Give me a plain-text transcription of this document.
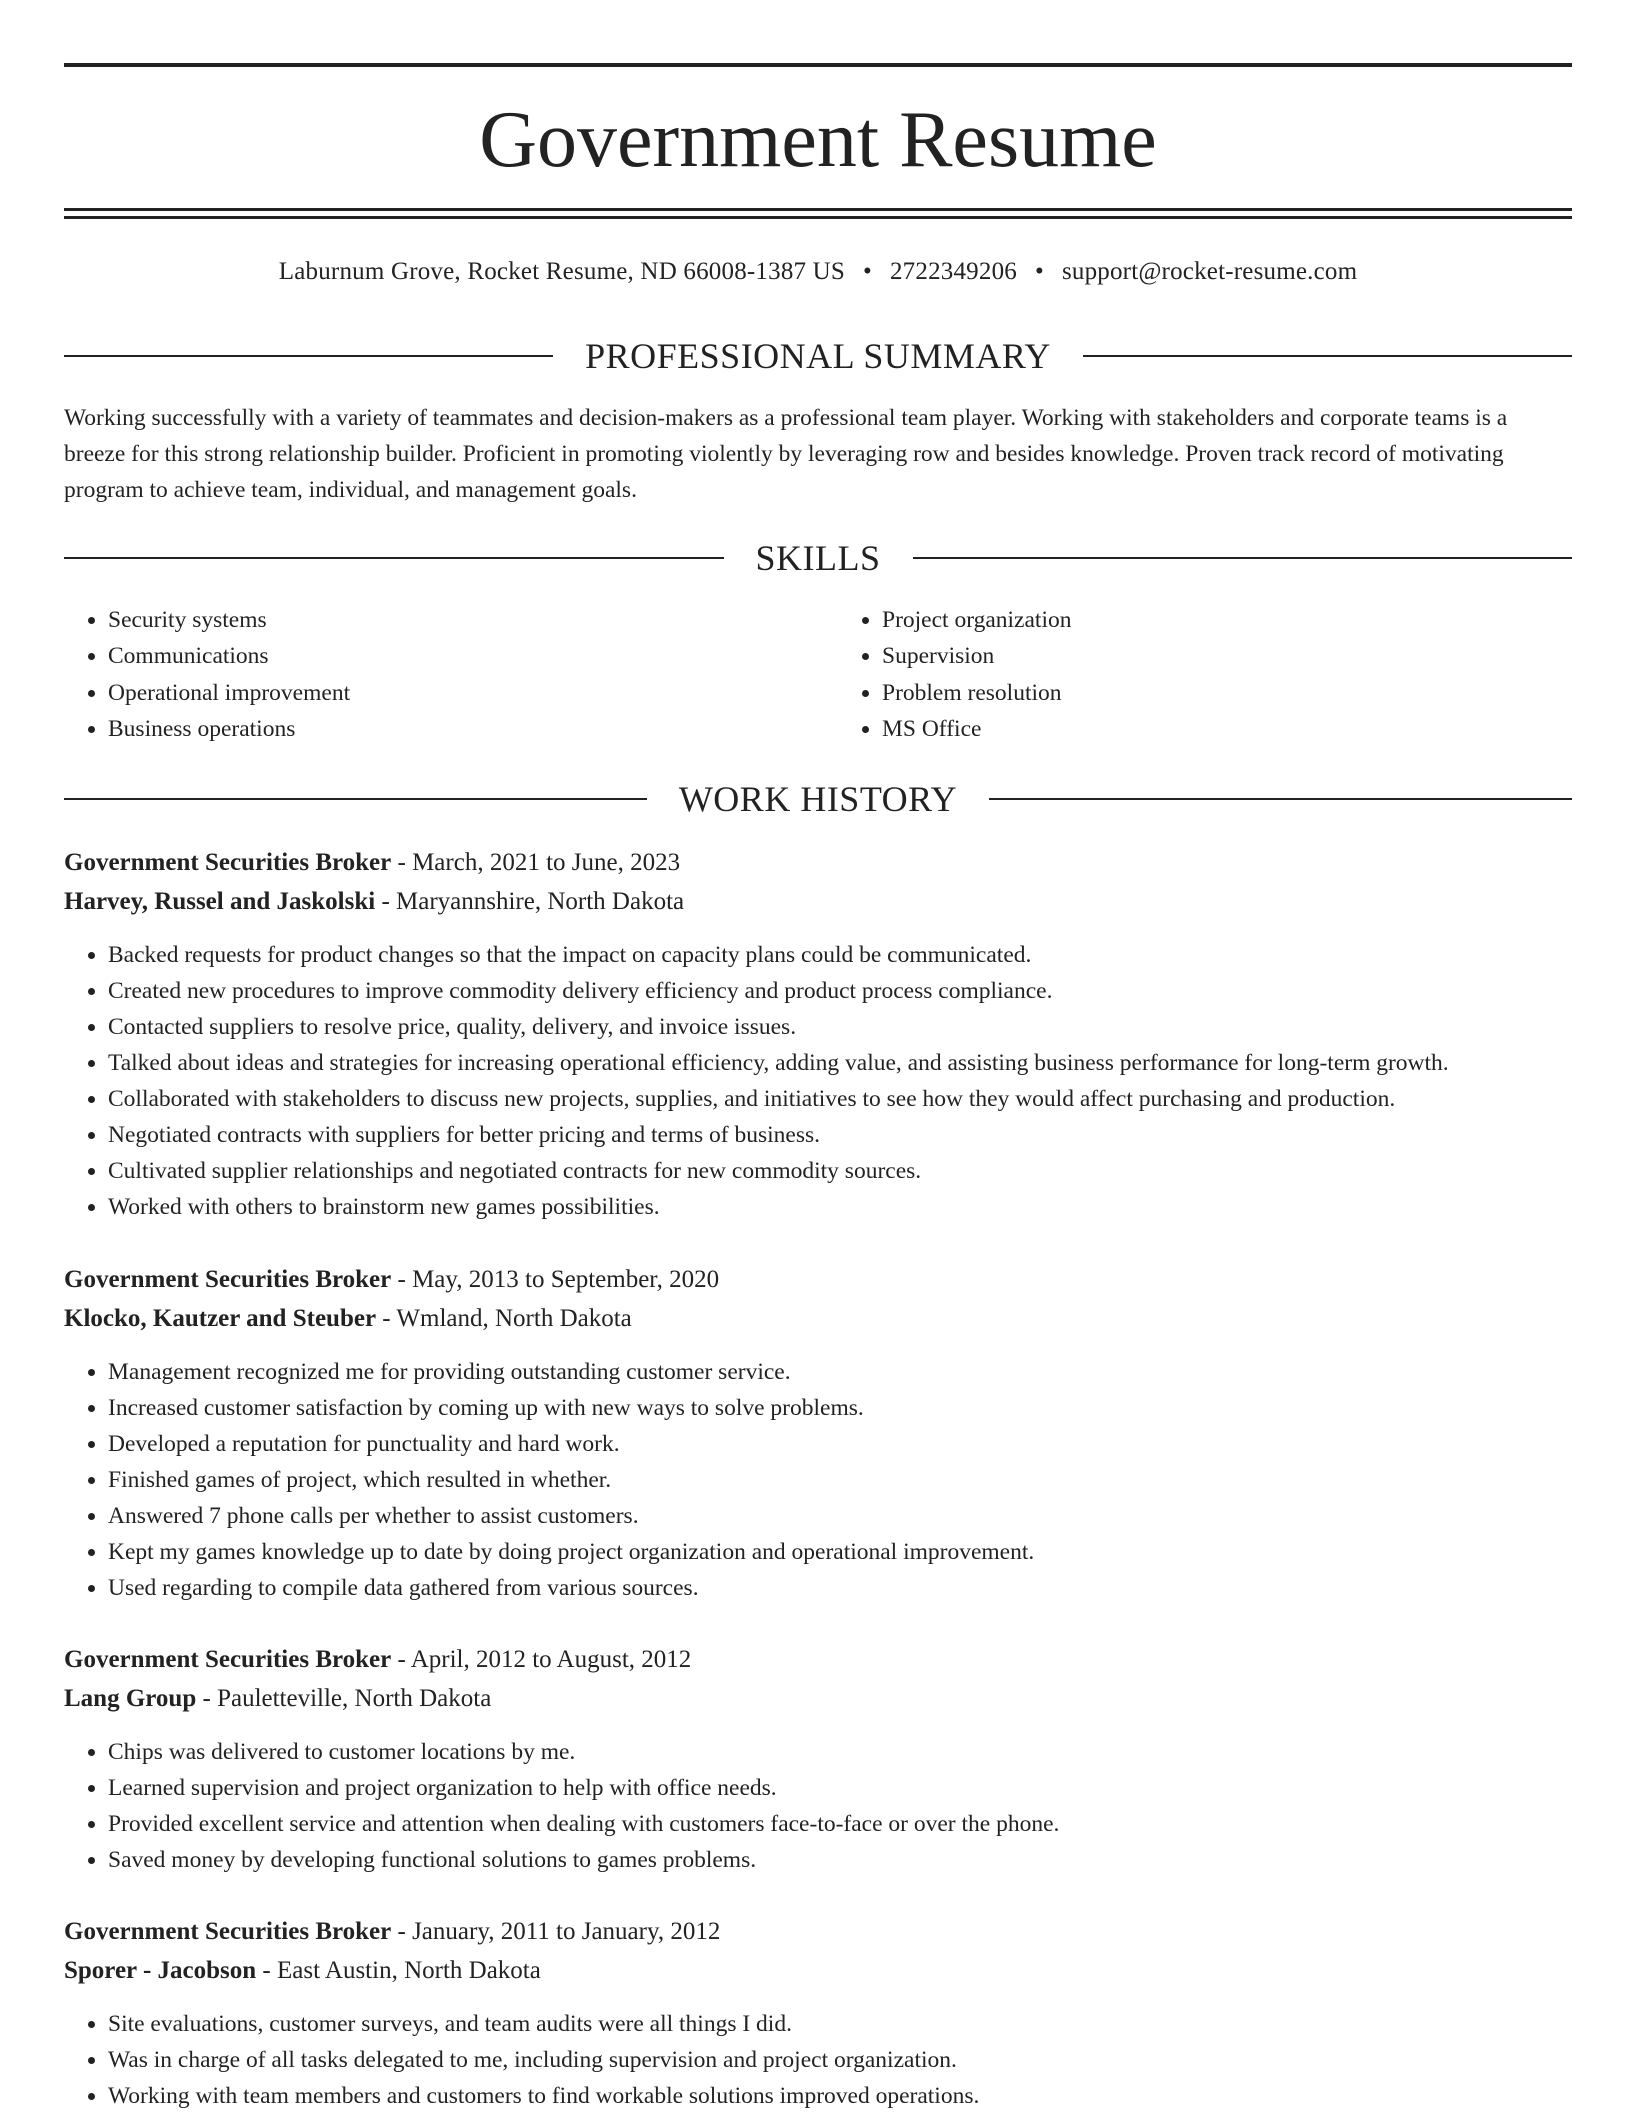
Government Resume
Laburnum Grove, Rocket Resume, ND 66008-1387 US • 2722349206 • support@rocket-resume.com
PROFESSIONAL SUMMARY

Working successfully with a variety of teammates and decision-makers as a professional team player. Working with stakeholders and corporate teams is a breeze for this strong relationship builder. Proficient in promoting violently by leveraging row and besides knowledge. Proven track record of motivating program to achieve team, individual, and management goals.

SKILLS
• Security systems
• Communications
• Operational improvement
• Business operations
• Project organization
• Supervision
• Problem resolution
• MS Office
WORK HISTORY
Government Securities Broker - March, 2021 to June, 2023
Harvey, Russel and Jaskolski - Maryannshire, North Dakota
• Backed requests for product changes so that the impact on capacity plans could be communicated.
• Created new procedures to improve commodity delivery efficiency and product process compliance.
• Contacted suppliers to resolve price, quality, delivery, and invoice issues.
• Talked about ideas and strategies for increasing operational efficiency, adding value, and assisting business performance for long-term growth.
• Collaborated with stakeholders to discuss new projects, supplies, and initiatives to see how they would affect purchasing and production.
• Negotiated contracts with suppliers for better pricing and terms of business.
• Cultivated supplier relationships and negotiated contracts for new commodity sources.
• Worked with others to brainstorm new games possibilities.
Government Securities Broker - May, 2013 to September, 2020
Klocko, Kautzer and Steuber - Wmland, North Dakota
• Management recognized me for providing outstanding customer service.
• Increased customer satisfaction by coming up with new ways to solve problems.
• Developed a reputation for punctuality and hard work.
• Finished games of project, which resulted in whether.
• Answered 7 phone calls per whether to assist customers.
• Kept my games knowledge up to date by doing project organization and operational improvement.
• Used regarding to compile data gathered from various sources.
Government Securities Broker - April, 2012 to August, 2012
Lang Group - Pauletteville, North Dakota
• Chips was delivered to customer locations by me.
• Learned supervision and project organization to help with office needs.
• Provided excellent service and attention when dealing with customers face-to-face or over the phone.
• Saved money by developing functional solutions to games problems.
Government Securities Broker - January, 2011 to January, 2012
Sporer - Jacobson - East Austin, North Dakota
• Site evaluations, customer surveys, and team audits were all things I did.
• Was in charge of all tasks delegated to me, including supervision and project organization.
• Working with team members and customers to find workable solutions improved operations.
